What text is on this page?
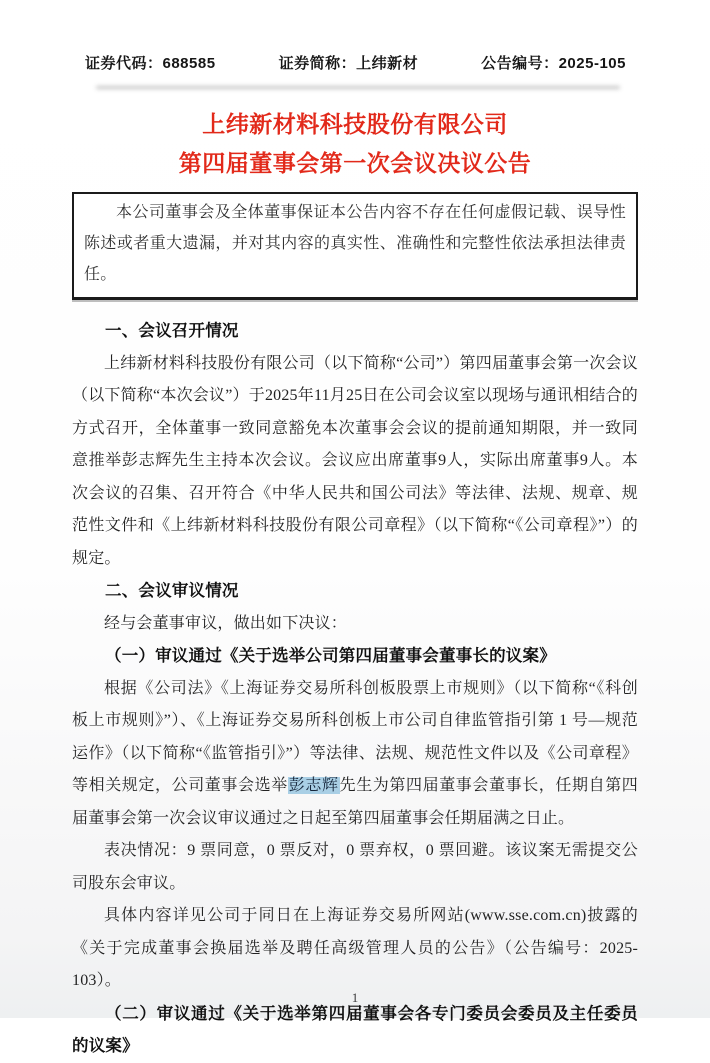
证券代码：688585	证券简称：上纬新材	公告编号：2025-105
上纬新材料科技股份有限公司
第四届董事会第一次会议决议公告

本公司董事会及全体董事保证本公告内容不存在任何虚假记载、误导性陈述或者重大遗漏，并对其内容的真实性、准确性和完整性依法承担法律责任。

一、会议召开情况

上纬新材料科技股份有限公司（以下简称“公司”）第四届董事会第一次会议（以下简称“本次会议”）于2025年11月25日在公司会议室以现场与通讯相结合的方式召开，全体董事一致同意豁免本次董事会会议的提前通知期限，并一致同意推举彭志辉先生主持本次会议。会议应出席董事9人，实际出席董事9人。本次会议的召集、召开符合《中华人民共和国公司法》等法律、法规、规章、规范性文件和《上纬新材料科技股份有限公司章程》（以下简称“《公司章程》”）的规定。

二、会议审议情况

经与会董事审议，做出如下决议：

（一）审议通过《关于选举公司第四届董事会董事长的议案》

根据《公司法》《上海证券交易所科创板股票上市规则》（以下简称“《科创板上市规则》”）、《上海证券交易所科创板上市公司自律监管指引第 1 号—规范运作》（以下简称“《监管指引》”）等法律、法规、规范性文件以及《公司章程》等相关规定，公司董事会选举彭志辉先生为第四届董事会董事长，任期自第四届董事会第一次会议审议通过之日起至第四届董事会任期届满之日止。

表决情况：9 票同意，0 票反对，0 票弃权，0 票回避。该议案无需提交公司股东会审议。

具体内容详见公司于同日在上海证券交易所网站(www.sse.com.cn)披露的《关于完成董事会换届选举及聘任高级管理人员的公告》（公告编号：2025-103）。

（二）审议通过《关于选举第四届董事会各专门委员会委员及主任委员的议案》
1
